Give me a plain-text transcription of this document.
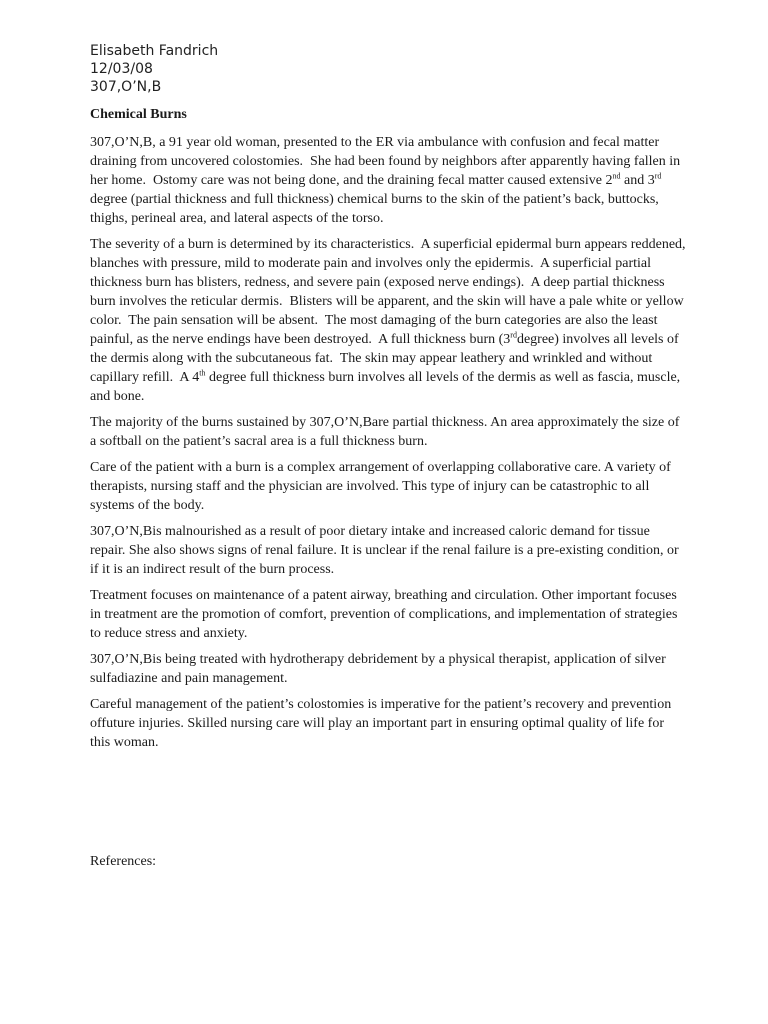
Elisabeth Fandrich
12/03/08
307,O’N,B
Chemical Burns

307,O’N,B, a 91 year old woman, presented to the ER via ambulance with confusion and fecal matter draining from uncovered colostomies.  She had been found by neighbors after apparently having fallen in her home.  Ostomy care was not being done, and the draining fecal matter caused extensive 2nd and 3rd degree (partial thickness and full thickness) chemical burns to the skin of the patient’s back, buttocks, thighs, perineal area, and lateral aspects of the torso.

The severity of a burn is determined by its characteristics.  A superficial epidermal burn appears reddened, blanches with pressure, mild to moderate pain and involves only the epidermis.  A superficial partial thickness burn has blisters, redness, and severe pain (exposed nerve endings).  A deep partial thickness burn involves the reticular dermis.  Blisters will be apparent, and the skin will have a pale white or yellow color.  The pain sensation will be absent.  The most damaging of the burn categories are also the least painful, as the nerve endings have been destroyed.  A full thickness burn (3rddegree) involves all levels of the dermis along with the subcutaneous fat.  The skin may appear leathery and wrinkled and without capillary refill.  A 4th degree full thickness burn involves all levels of the dermis as well as fascia, muscle, and bone.

The majority of the burns sustained by 307,O’N,Bare partial thickness. An area approximately the size of a softball on the patient’s sacral area is a full thickness burn.

Care of the patient with a burn is a complex arrangement of overlapping collaborative care. A variety of therapists, nursing staff and the physician are involved. This type of injury can be catastrophic to all systems of the body.

307,O’N,Bis malnourished as a result of poor dietary intake and increased caloric demand for tissue repair. She also shows signs of renal failure. It is unclear if the renal failure is a pre-existing condition, or if it is an indirect result of the burn process.

Treatment focuses on maintenance of a patent airway, breathing and circulation. Other important focuses in treatment are the promotion of comfort, prevention of complications, and implementation of strategies to reduce stress and anxiety.

307,O’N,Bis being treated with hydrotherapy debridement by a physical therapist, application of silver sulfadiazine and pain management.

Careful management of the patient’s colostomies is imperative for the patient’s recovery and prevention offuture injuries. Skilled nursing care will play an important part in ensuring optimal quality of life for this woman.

References:
